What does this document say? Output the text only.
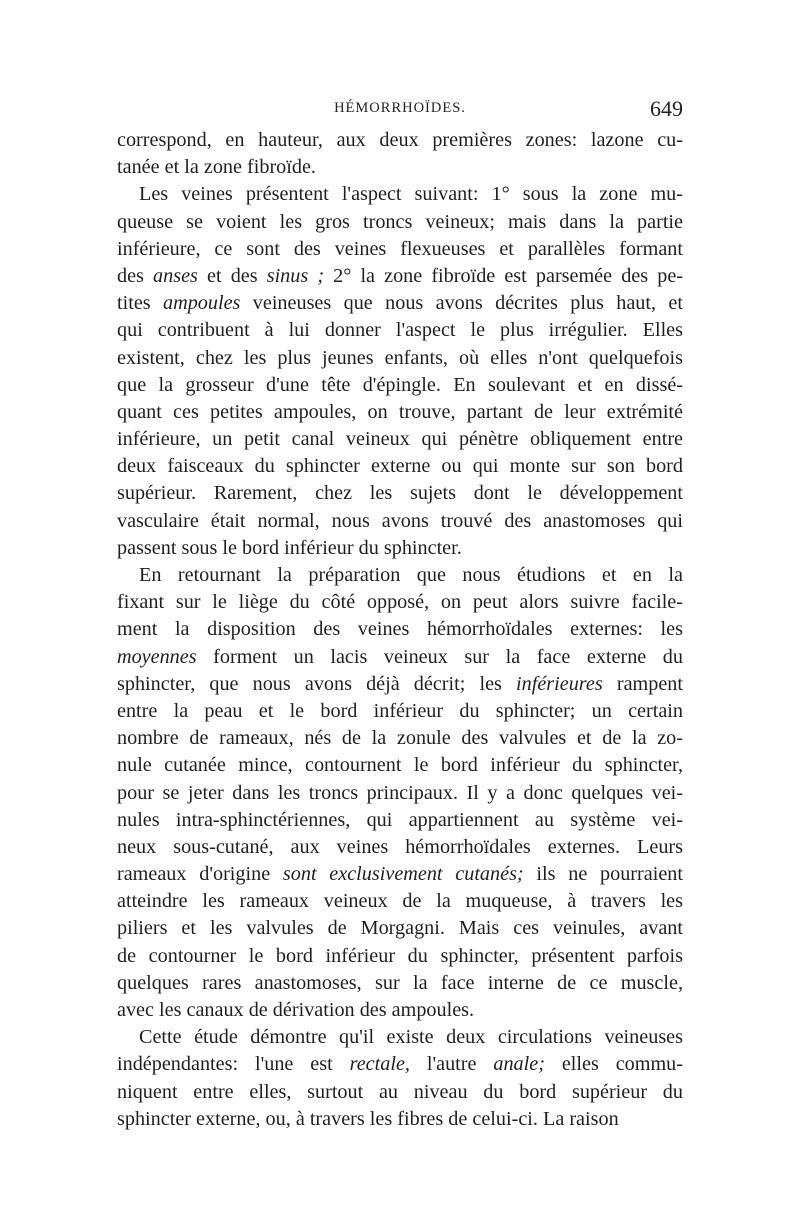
HÉMORRHOÏDES.	649
correspond, en hauteur, aux deux premières zones: lazone cu-
tanée et la zone fibroïde.
Les veines présentent l'aspect suivant: 1° sous la zone mu-
queuse se voient les gros troncs veineux; mais dans la partie
inférieure, ce sont des veines flexueuses et parallèles formant
des anses et des sinus ; 2° la zone fibroïde est parsemée des pe-
tites ampoules veineuses que nous avons décrites plus haut, et
qui contribuent à lui donner l'aspect le plus irrégulier. Elles
existent, chez les plus jeunes enfants, où elles n'ont quelquefois
que la grosseur d'une tête d'épingle. En soulevant et en dissé-
quant ces petites ampoules, on trouve, partant de leur extrémité
inférieure, un petit canal veineux qui pénètre obliquement entre
deux faisceaux du sphincter externe ou qui monte sur son bord
supérieur. Rarement, chez les sujets dont le développement
vasculaire était normal, nous avons trouvé des anastomoses qui
passent sous le bord inférieur du sphincter.
En retournant la préparation que nous étudions et en la
fixant sur le liège du côté opposé, on peut alors suivre facile-
ment la disposition des veines hémorrhoïdales externes: les
moyennes forment un lacis veineux sur la face externe du
sphincter, que nous avons déjà décrit; les inférieures rampent
entre la peau et le bord inférieur du sphincter; un certain
nombre de rameaux, nés de la zonule des valvules et de la zo-
nule cutanée mince, contournent le bord inférieur du sphincter,
pour se jeter dans les troncs principaux. Il y a donc quelques vei-
nules intra-sphinctériennes, qui appartiennent au système vei-
neux sous-cutané, aux veines hémorrhoïdales externes. Leurs
rameaux d'origine sont exclusivement cutanés; ils ne pourraient
atteindre les rameaux veineux de la muqueuse, à travers les
piliers et les valvules de Morgagni. Mais ces veinules, avant
de contourner le bord inférieur du sphincter, présentent parfois
quelques rares anastomoses, sur la face interne de ce muscle,
avec les canaux de dérivation des ampoules.
Cette étude démontre qu'il existe deux circulations veineuses
indépendantes: l'une est rectale, l'autre anale; elles commu-
niquent entre elles, surtout au niveau du bord supérieur du
sphincter externe, ou, à travers les fibres de celui-ci. La raison
